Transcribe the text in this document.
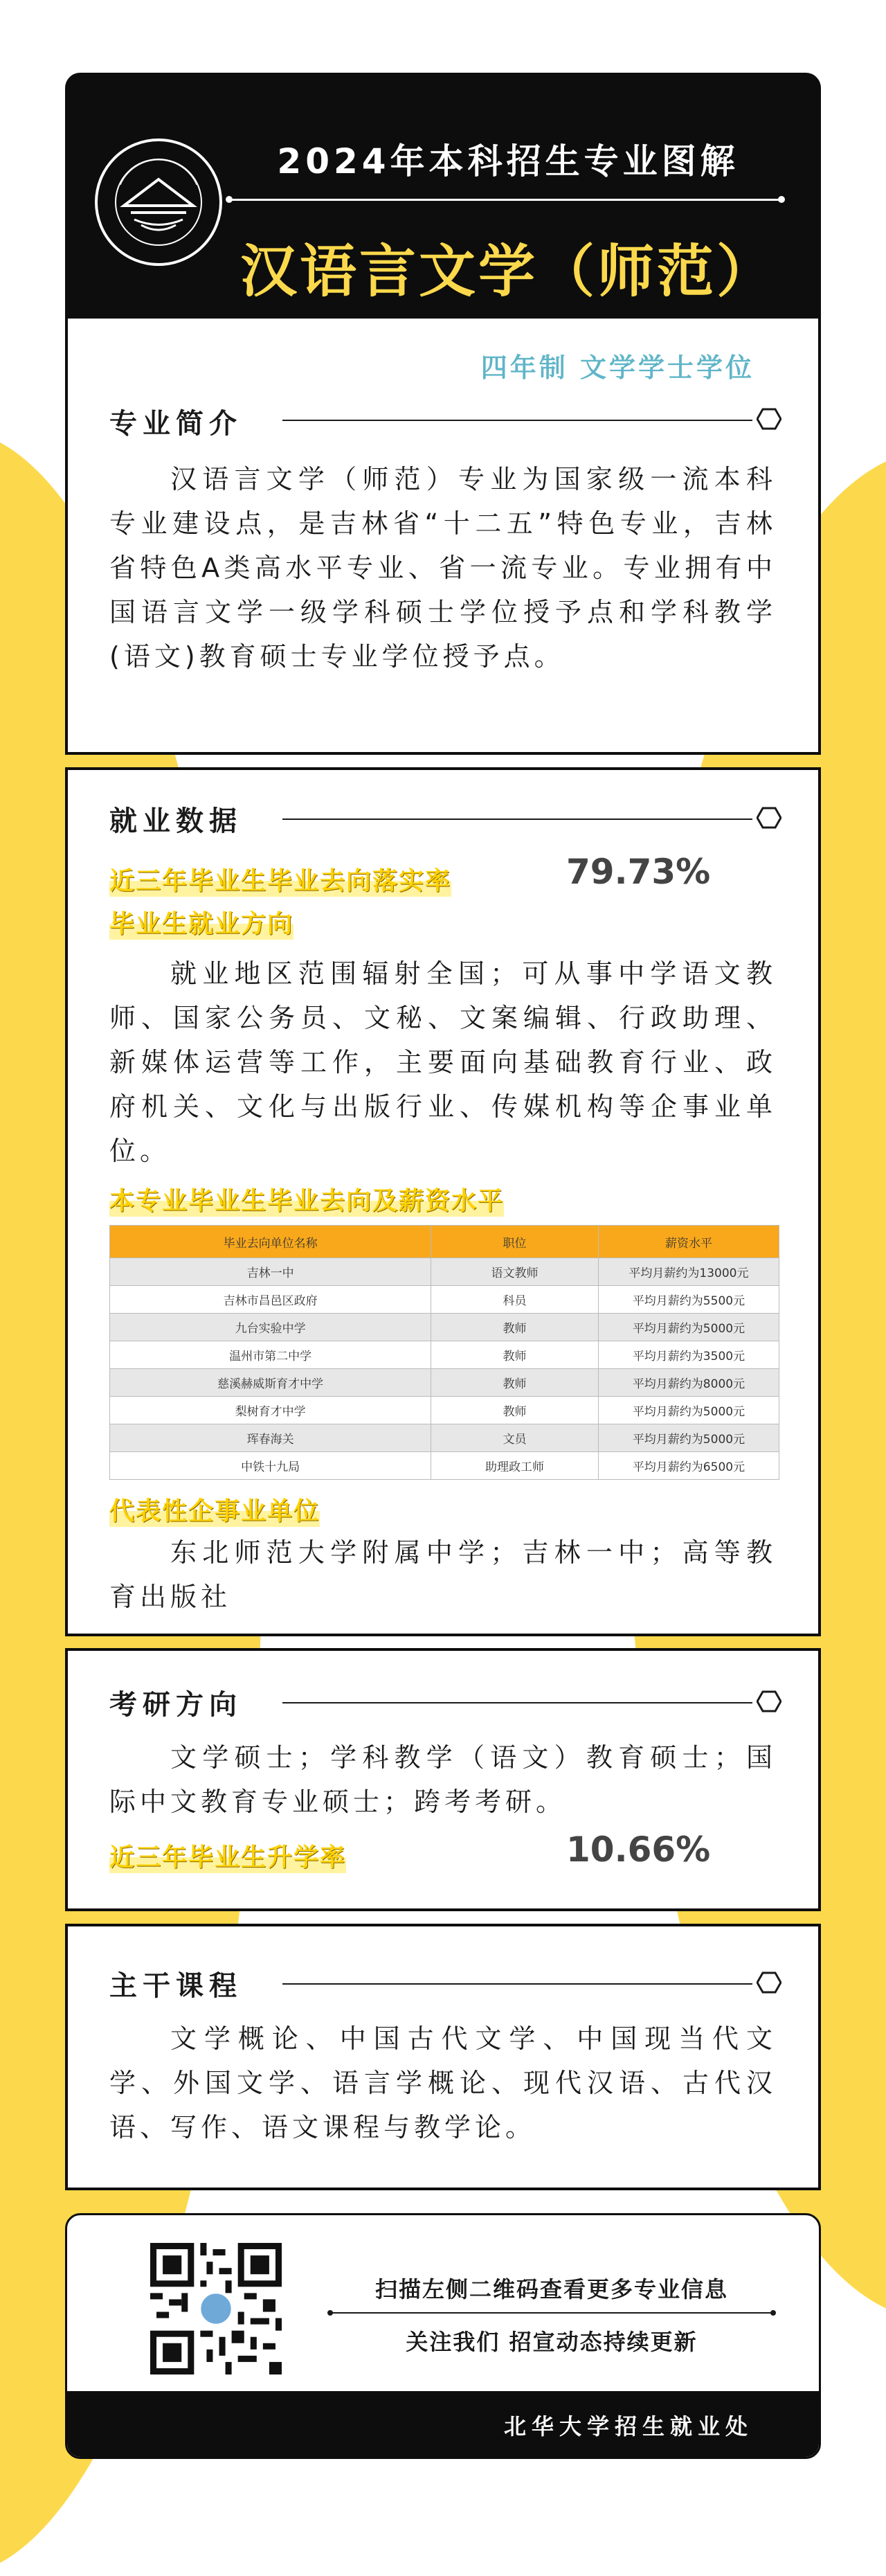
2024年本科招生专业图解
汉语言文学（师范）
四年制 文学学士学位
专业简介
汉语言文学（师范）专业为国家级一流本科专业建设点，是吉林省“十二五”特色专业，吉林省特色A类高水平专业、省一流专业。专业拥有中国语言文学一级学科硕士学位授予点和学科教学(语文)教育硕士专业学位授予点。
就业数据
近三年毕业生毕业去向落实率	79.73%
毕业生就业方向
就业地区范围辐射全国；可从事中学语文教师、国家公务员、文秘、文案编辑、行政助理、新媒体运营等工作，主要面向基础教育行业、政府机关、文化与出版行业、传媒机构等企事业单位。
本专业毕业生毕业去向及薪资水平
毕业去向单位名称	职位	薪资水平
吉林一中	语文教师	平均月薪约为13000元
吉林市昌邑区政府	科员	平均月薪约为5500元
九台实验中学	教师	平均月薪约为5000元
温州市第二中学	教师	平均月薪约为3500元
慈溪赫威斯育才中学	教师	平均月薪约为8000元
梨树育才中学	教师	平均月薪约为5000元
珲春海关	文员	平均月薪约为5000元
中铁十九局	助理政工师	平均月薪约为6500元
代表性企事业单位
东北师范大学附属中学；吉林一中；高等教育出版社
考研方向
文学硕士；学科教学（语文）教育硕士；国际中文教育专业硕士；跨考考研。
近三年毕业生升学率	10.66%
主干课程
文学概论、中国古代文学、中国现当代文学、外国文学、语言学概论、现代汉语、古代汉语、写作、语文课程与教学论。
扫描左侧二维码查看更多专业信息
关注我们 招宣动态持续更新
北华大学招生就业处
